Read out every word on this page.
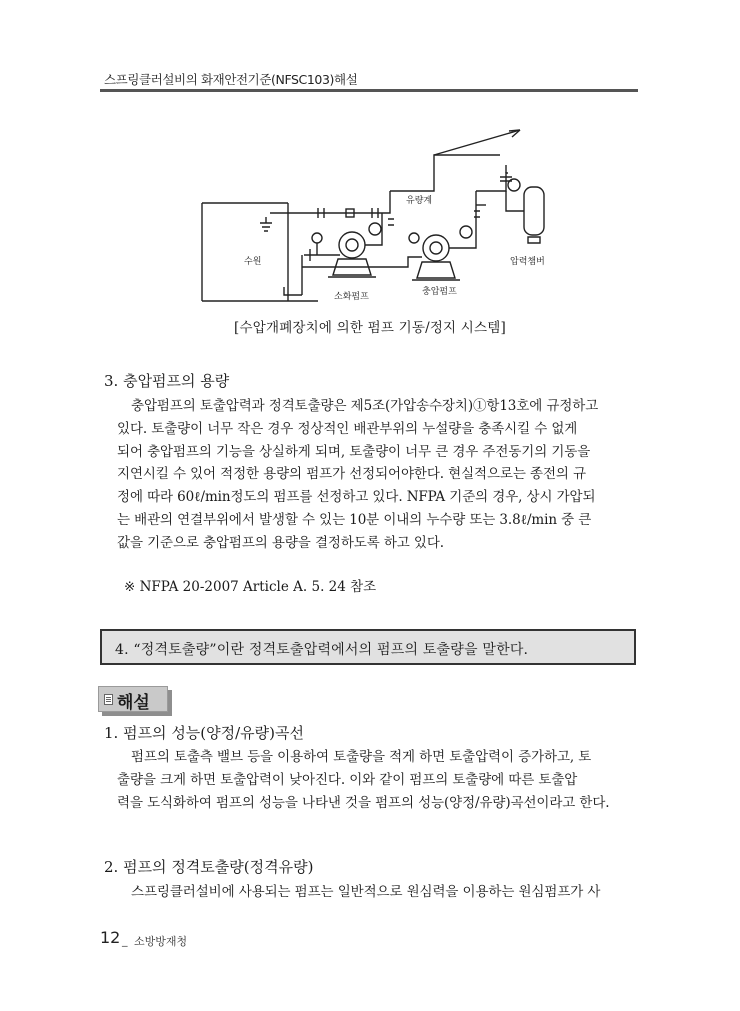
스프링클러설비의 화재안전기준(NFSC103)해설
유량계
수원
소화펌프	충압펌프
압력챔버
[수압개폐장치에 의한 펌프 기동/정지 시스템]
3. 충압펌프의 용량
충압펌프의 토출압력과 정격토출량은 제5조(가압송수장치)①항13호에 규정하고
있다. 토출량이 너무 작은 경우 정상적인 배관부위의 누설량을 충족시킬 수 없게
되어 충압펌프의 기능을 상실하게 되며, 토출량이 너무 큰 경우 주전동기의 기동을
지연시킬 수 있어 적정한 용량의 펌프가 선정되어야한다. 현실적으로는 종전의 규
정에 따라 60ℓ/min정도의 펌프를 선정하고 있다. NFPA 기준의 경우, 상시 가압되
는 배관의 연결부위에서 발생할 수 있는 10분 이내의 누수량 또는 3.8ℓ/min 중 큰
값을 기준으로 충압펌프의 용량을 결정하도록 하고 있다.
※ NFPA 20-2007 Article A. 5. 24 참조
4. “정격토출량”이란 정격토출압력에서의 펌프의 토출량을 말한다.
해설
1. 펌프의 성능(양정/유량)곡선
펌프의 토출측 밸브 등을 이용하여 토출량을 적게 하면 토출압력이 증가하고, 토
출량을 크게 하면 토출압력이 낮아진다. 이와 같이 펌프의 토출량에 따른 토출압
력을 도식화하여 펌프의 성능을 나타낸 것을 펌프의 성능(양정/유량)곡선이라고 한다.
2. 펌프의 정격토출량(정격유량)
스프링클러설비에 사용되는 펌프는 일반적으로 원심력을 이용하는 원심펌프가 사
12 _ 소방방재청
